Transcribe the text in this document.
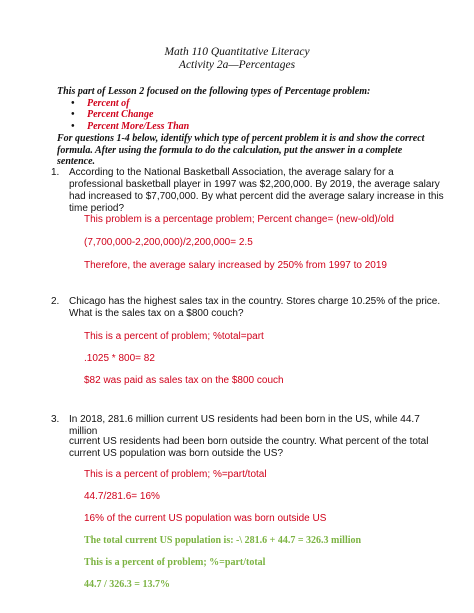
Math 110 Quantitative Literacy
Activity 2a—Percentages
This part of Lesson 2 focused on the following types of Percentage problem:
• Percent of
• Percent Change
• Percent More/Less Than
For questions 1-4 below, identify which type of percent problem it is and show the correct formula. After using the formula to do the calculation, put the answer in a complete sentence.
1. According to the National Basketball Association, the average salary for a professional basketball player in 1997 was $2,200,000. By 2019, the average salary had increased to $7,700,000. By what percent did the average salary increase in this time period?

This problem is a percentage problem; Percent change= (new-old)/old
(7,700,000-2,200,000)/2,200,000= 2.5
Therefore, the average salary increased by 250% from 1997 to 2019
2. Chicago has the highest sales tax in the country. Stores charge 10.25% of the price. What is the sales tax on a $800 couch?

This is a percent of problem; %total=part
.1025 * 800= 82
$82 was paid as sales tax on the $800 couch
3. In 2018, 281.6 million current US residents had been born in the US, while 44.7 million

current US residents had been born outside the country. What percent of the total current US population was born outside the US?

This is a percent of problem; %=part/total
44.7/281.6= 16%
16% of the current US population was born outside US
The total current US population is: -\ 281.6 + 44.7 = 326.3 million
This is a percent of problem; %=part/total
44.7 / 326.3 = 13.7%
